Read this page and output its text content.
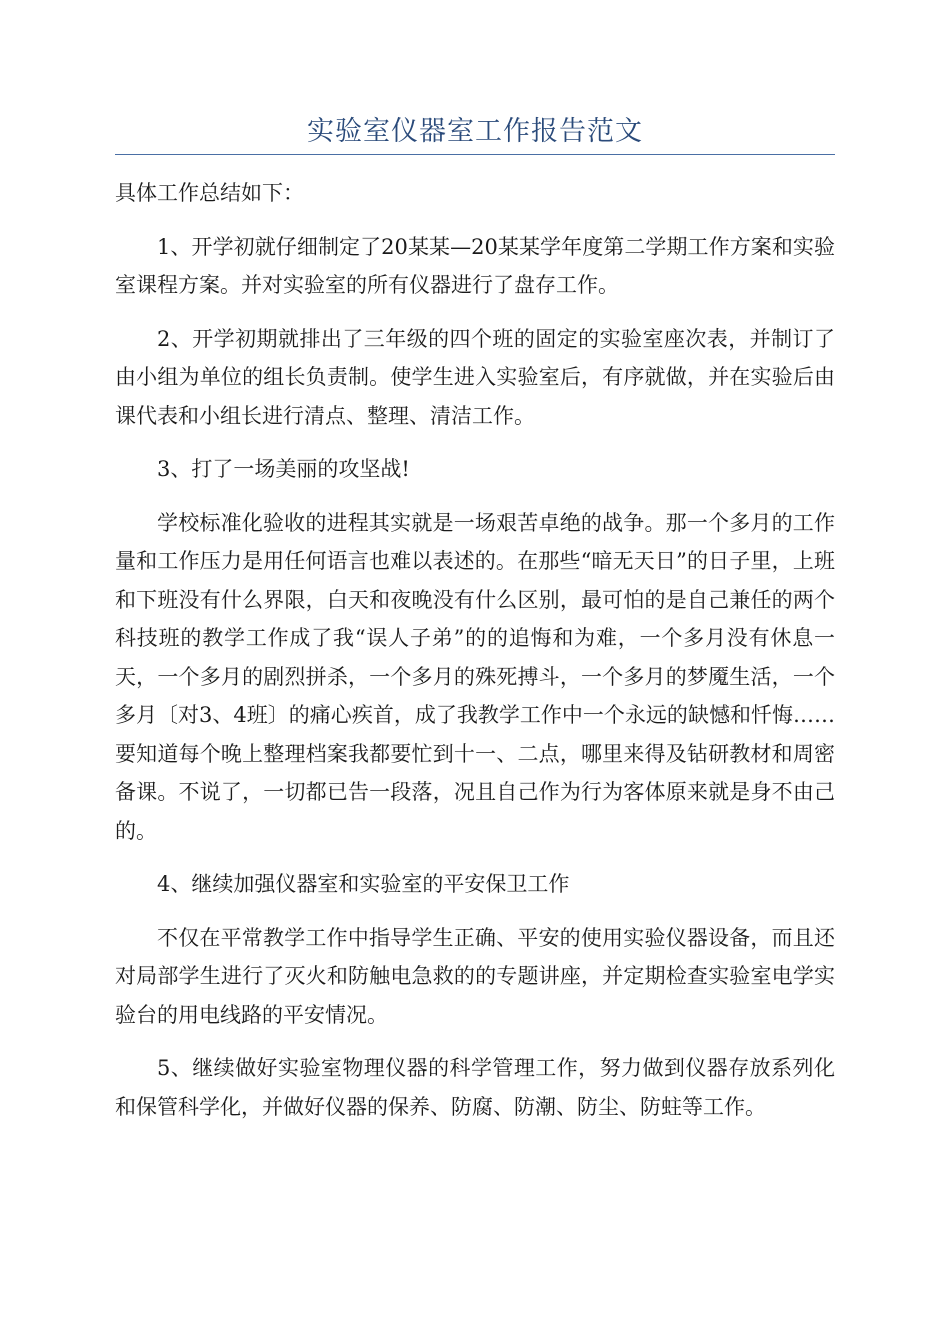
实验室仪器室工作报告范文

具体工作总结如下：

1、开学初就仔细制定了20某某—20某某学年度第二学期工作方案和实验室课程方案。并对实验室的所有仪器进行了盘存工作。

2、开学初期就排出了三年级的四个班的固定的实验室座次表，并制订了由小组为单位的组长负责制。使学生进入实验室后，有序就做，并在实验后由课代表和小组长进行清点、整理、清洁工作。

3、打了一场美丽的攻坚战!

学校标准化验收的进程其实就是一场艰苦卓绝的战争。那一个多月的工作量和工作压力是用任何语言也难以表述的。在那些“暗无天日”的日子里，上班和下班没有什么界限，白天和夜晚没有什么区别，最可怕的是自己兼任的两个科技班的教学工作成了我“误人子弟”的的追悔和为难，一个多月没有休息一天，一个多月的剧烈拼杀，一个多月的殊死搏斗，一个多月的梦魇生活，一个多月〔对3、4班〕的痛心疾首，成了我教学工作中一个永远的缺憾和忏悔……要知道每个晚上整理档案我都要忙到十一、二点，哪里来得及钻研教材和周密备课。不说了，一切都已告一段落，况且自己作为行为客体原来就是身不由己的。

4、继续加强仪器室和实验室的平安保卫工作

不仅在平常教学工作中指导学生正确、平安的使用实验仪器设备，而且还对局部学生进行了灭火和防触电急救的的专题讲座，并定期检查实验室电学实验台的用电线路的平安情况。

5、继续做好实验室物理仪器的科学管理工作，努力做到仪器存放系列化和保管科学化，并做好仪器的保养、防腐、防潮、防尘、防蛀等工作。
